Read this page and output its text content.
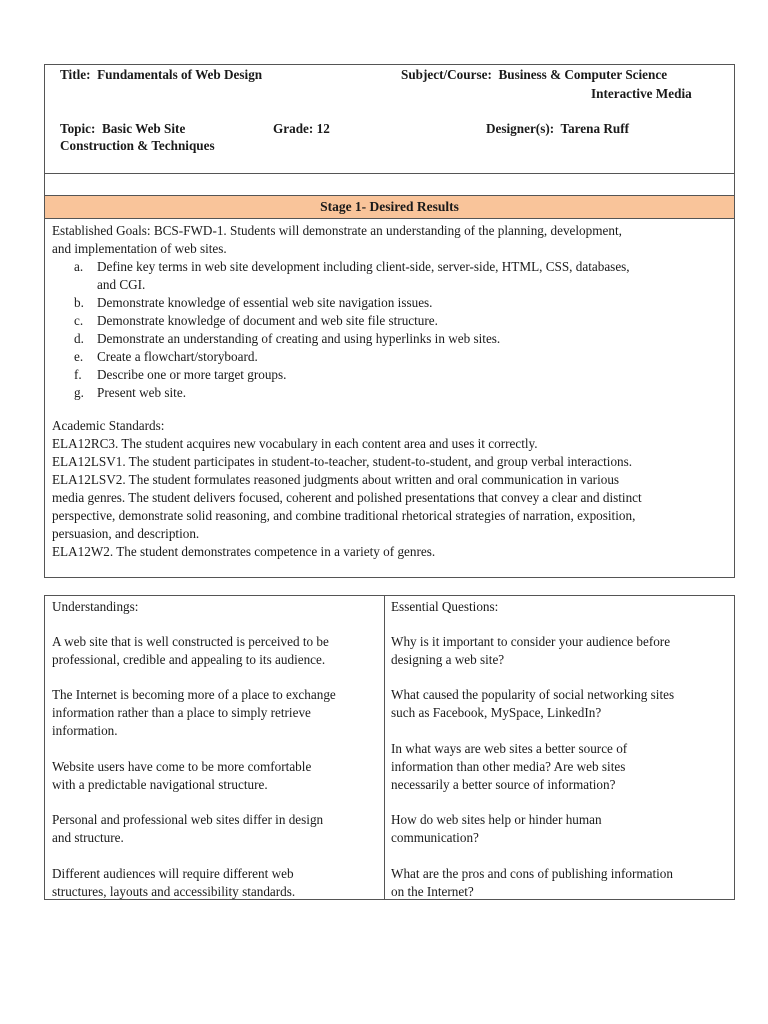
Title: Fundamentals of Web Design	Subject/Course: Business & Computer Science
Interactive Media
Topic: Basic Web Site
Construction & Techniques
Grade: 12	Designer(s): Tarena Ruff
Stage 1- Desired Results
Established Goals: BCS-FWD-1. Students will demonstrate an understanding of the planning, development,
and implementation of web sites.
a. Define key terms in web site development including client-side, server-side, HTML, CSS, databases,
and CGI.
b. Demonstrate knowledge of essential web site navigation issues.
c. Demonstrate knowledge of document and web site file structure.
d. Demonstrate an understanding of creating and using hyperlinks in web sites.
e. Create a flowchart/storyboard.
f. Describe one or more target groups.
g. Present web site.
Academic Standards:
ELA12RC3. The student acquires new vocabulary in each content area and uses it correctly.
ELA12LSV1. The student participates in student-to-teacher, student-to-student, and group verbal interactions.
ELA12LSV2. The student formulates reasoned judgments about written and oral communication in various
media genres. The student delivers focused, coherent and polished presentations that convey a clear and distinct
perspective, demonstrate solid reasoning, and combine traditional rhetorical strategies of narration, exposition,
persuasion, and description.
ELA12W2. The student demonstrates competence in a variety of genres.
Understandings:
A web site that is well constructed is perceived to be
professional, credible and appealing to its audience.
The Internet is becoming more of a place to exchange
information rather than a place to simply retrieve
information.
Website users have come to be more comfortable
with a predictable navigational structure.
Personal and professional web sites differ in design
and structure.
Different audiences will require different web
structures, layouts and accessibility standards.
Essential Questions:
Why is it important to consider your audience before
designing a web site?
What caused the popularity of social networking sites
such as Facebook, MySpace, LinkedIn?
In what ways are web sites a better source of
information than other media? Are web sites
necessarily a better source of information?
How do web sites help or hinder human
communication?
What are the pros and cons of publishing information
on the Internet?
